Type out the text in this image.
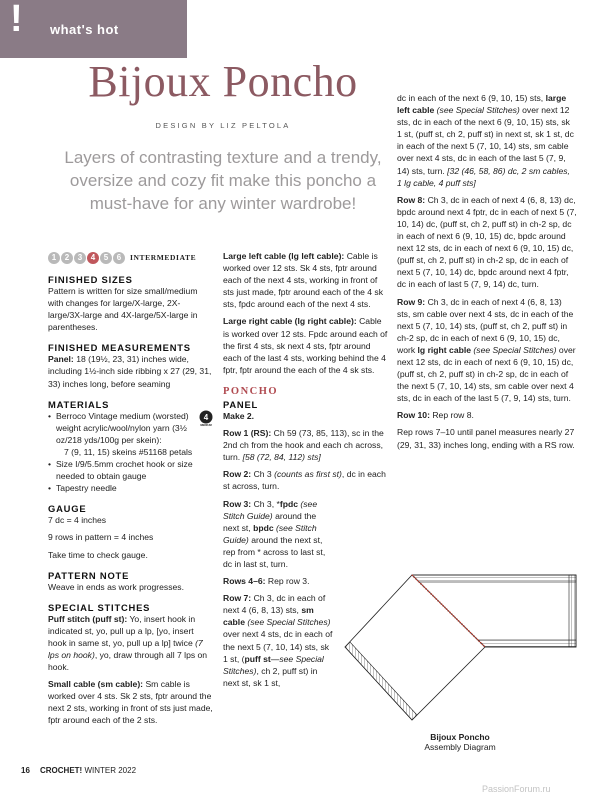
! what's hot
Bijoux Poncho
DESIGN BY LIZ PELTOLA
Layers of contrasting texture and a trendy, oversize and cozy fit make this poncho a must-have for any winter wardrobe!
1	2	3	4	5	6	INTERMEDIATE
FINISHED SIZES
Pattern is written for size small/medium with changes for large/X-large, 2X-large/3X-large and 4X-large/5X-large in parentheses.
FINISHED MEASUREMENTS
Panel: 18 (19½, 23, 31) inches wide, including 1½-inch side ribbing x 27 (29, 31, 33) inches long, before seaming
MATERIALS
• Berroco Vintage medium (worsted) weight acrylic/wool/nylon yarn (3½ oz/218 yds/100g per skein):
7 (9, 11, 15) skeins #51168 petals
4
MEDIUM
• Size I/9/5.5mm crochet hook or size needed to obtain gauge
• Tapestry needle
GAUGE
7 dc = 4 inches
9 rows in pattern = 4 inches
Take time to check gauge.
PATTERN NOTE
Weave in ends as work progresses.
SPECIAL STITCHES
Puff stitch (puff st): Yo, insert hook in indicated st, yo, pull up a lp, [yo, insert hook in same st, yo, pull up a lp] twice (7 lps on hook), yo, draw through all 7 lps on hook.
Small cable (sm cable): Sm cable is worked over 4 sts. Sk 2 sts, fptr around the next 2 sts, working in front of sts just made, fptr around each of the 2 sts.
Large left cable (lg left cable): Cable is worked over 12 sts. Sk 4 sts, fptr around each of the next 4 sts, working in front of sts just made, fptr around each of the 4 sk sts, fpdc around each of the next 4 sts.
Large right cable (lg right cable): Cable is worked over 12 sts. Fpdc around each of the first 4 sts, sk next 4 sts, fptr around each of the last 4 sts, working behind the 4 fptr, fptr around the each of the 4 sk sts.
PONCHO
PANEL
Make 2.
Row 1 (RS): Ch 59 (73, 85, 113), sc in the 2nd ch from the hook and each ch across, turn. [58 (72, 84, 112) sts]
Row 2: Ch 3 (counts as first st), dc in each st across, turn.
Row 3: Ch 3, *fpdc (see Stitch Guide) around the next st, bpdc (see Stitch Guide) around the next st, rep from * across to last st, dc in last st, turn.
Rows 4–6: Rep row 3.
Row 7: Ch 3, dc in each of next 4 (6, 8, 13) sts, sm cable (see Special Stitches) over next 4 sts, dc in each of the next 5 (7, 10, 14) sts, sk 1 st, (puff st—see Special Stitches), ch 2, puff st) in next st, sk 1 st,
dc in each of the next 6 (9, 10, 15) sts, large left cable (see Special Stitches) over next 12 sts, dc in each of the next 6 (9, 10, 15) sts, sk 1 st, (puff st, ch 2, puff st) in next st, sk 1 st, dc in each of the next 5 (7, 10, 14) sts, sm cable over next 4 sts, dc in each of the last 5 (7, 9, 14) sts, turn. [32 (46, 58, 86) dc, 2 sm cables, 1 lg cable, 4 puff sts]
Row 8: Ch 3, dc in each of next 4 (6, 8, 13) dc, bpdc around next 4 fptr, dc in each of next 5 (7, 10, 14) dc, (puff st, ch 2, puff st) in ch-2 sp, dc in each of next 6 (9, 10, 15) dc, bpdc around next 12 sts, dc in each of next 6 (9, 10, 15) dc, (puff st, ch 2, puff st) in ch-2 sp, dc in each of next 5 (7, 10, 14) dc, bpdc around next 4 fptr, dc in each of last 5 (7, 9, 14) dc, turn.
Row 9: Ch 3, dc in each of next 4 (6, 8, 13) sts, sm cable over next 4 sts, dc in each of the next 5 (7, 10, 14) sts, (puff st, ch 2, puff st) in ch-2 sp, dc in each of next 6 (9, 10, 15) dc, work lg right cable (see Special Stitches) over next 12 sts, dc in each of next 6 (9, 10, 15) dc, (puff st, ch 2, puff st) in ch-2 sp, dc in each of the next 5 (7, 10, 14) sts, sm cable over next 4 sts, dc in each of the last 5 (7, 9, 14) sts, turn.
Row 10: Rep row 8.
Rep rows 7–10 until panel measures nearly 27 (29, 31, 33) inches long, ending with a RS row.
Bijoux Poncho
Assembly Diagram
16 CROCHET! WINTER 2022
PassionForum.ru
